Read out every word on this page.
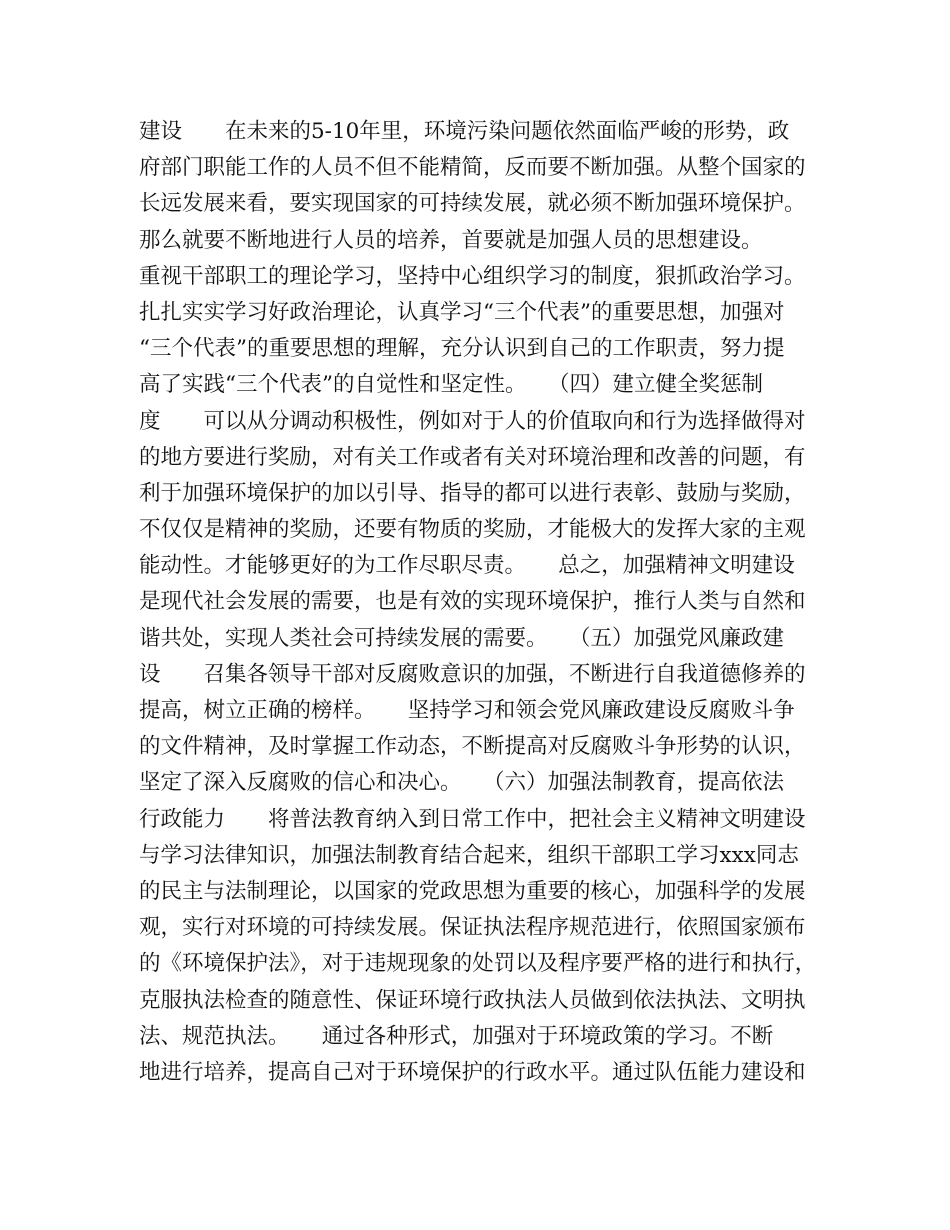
建设　　在未来的5-10年里，环境污染问题依然面临严峻的形势，政
府部门职能工作的人员不但不能精简，反而要不断加强。从整个国家的
长远发展来看，要实现国家的可持续发展，就必须不断加强环境保护。
那么就要不断地进行人员的培养，首要就是加强人员的思想建设。
重视干部职工的理论学习，坚持中心组织学习的制度，狠抓政治学习。
扎扎实实学习好政治理论，认真学习“三个代表”的重要思想，加强对
“三个代表”的重要思想的理解，充分认识到自己的工作职责，努力提
高了实践“三个代表”的自觉性和坚定性。　　（四）建立健全奖惩制
度　　可以从分调动积极性，例如对于人的价值取向和行为选择做得对
的地方要进行奖励，对有关工作或者有关对环境治理和改善的问题，有
利于加强环境保护的加以引导、指导的都可以进行表彰、鼓励与奖励，
不仅仅是精神的奖励，还要有物质的奖励，才能极大的发挥大家的主观
能动性。才能够更好的为工作尽职尽责。　　总之，加强精神文明建设
是现代社会发展的需要，也是有效的实现环境保护，推行人类与自然和
谐共处，实现人类社会可持续发展的需要。　　（五）加强党风廉政建
设　　召集各领导干部对反腐败意识的加强，不断进行自我道德修养的
提高，树立正确的榜样。　　坚持学习和领会党风廉政建设反腐败斗争
的文件精神，及时掌握工作动态，不断提高对反腐败斗争形势的认识，
坚定了深入反腐败的信心和决心。　　（六）加强法制教育，提高依法
行政能力　　将普法教育纳入到日常工作中，把社会主义精神文明建设
与学习法律知识，加强法制教育结合起来，组织干部职工学习xxx同志
的民主与法制理论，以国家的党政思想为重要的核心，加强科学的发展
观，实行对环境的可持续发展。保证执法程序规范进行，依照国家颁布
的《环境保护法》，对于违规现象的处罚以及程序要严格的进行和执行，
克服执法检查的随意性、保证环境行政执法人员做到依法执法、文明执
法、规范执法。　　通过各种形式，加强对于环境政策的学习。不断
地进行培养，提高自己对于环境保护的行政水平。通过队伍能力建设和
